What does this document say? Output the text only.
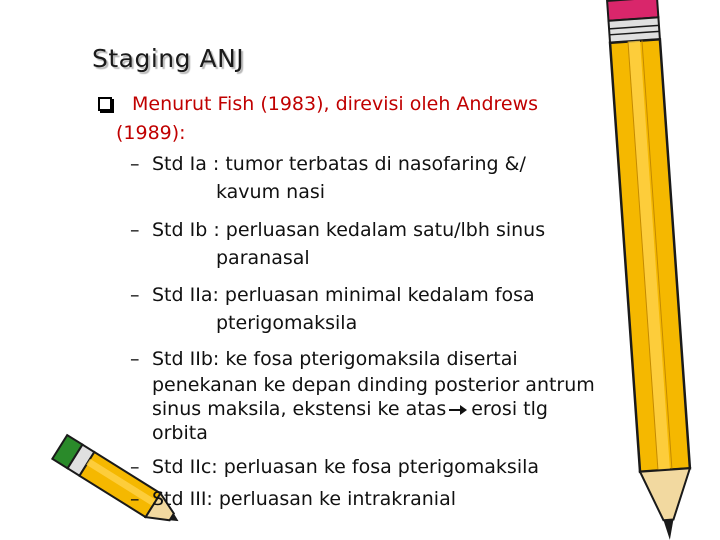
Staging ANJ
Menurut Fish (1983), direvisi oleh Andrews
(1989):
– Std Ia : tumor terbatas di nasofaring &/
kavum nasi
– Std Ib : perluasan kedalam satu/lbh sinus
paranasal
– Std IIa: perluasan minimal kedalam fosa
pterigomaksila
– Std IIb: ke fosa pterigomaksila disertai
penekanan ke depan dinding posterior antrum
sinus maksila, ekstensi ke atas erosi tlg
orbita
– Std IIc: perluasan ke fosa pterigomaksila
– Std III: perluasan ke intrakranial
